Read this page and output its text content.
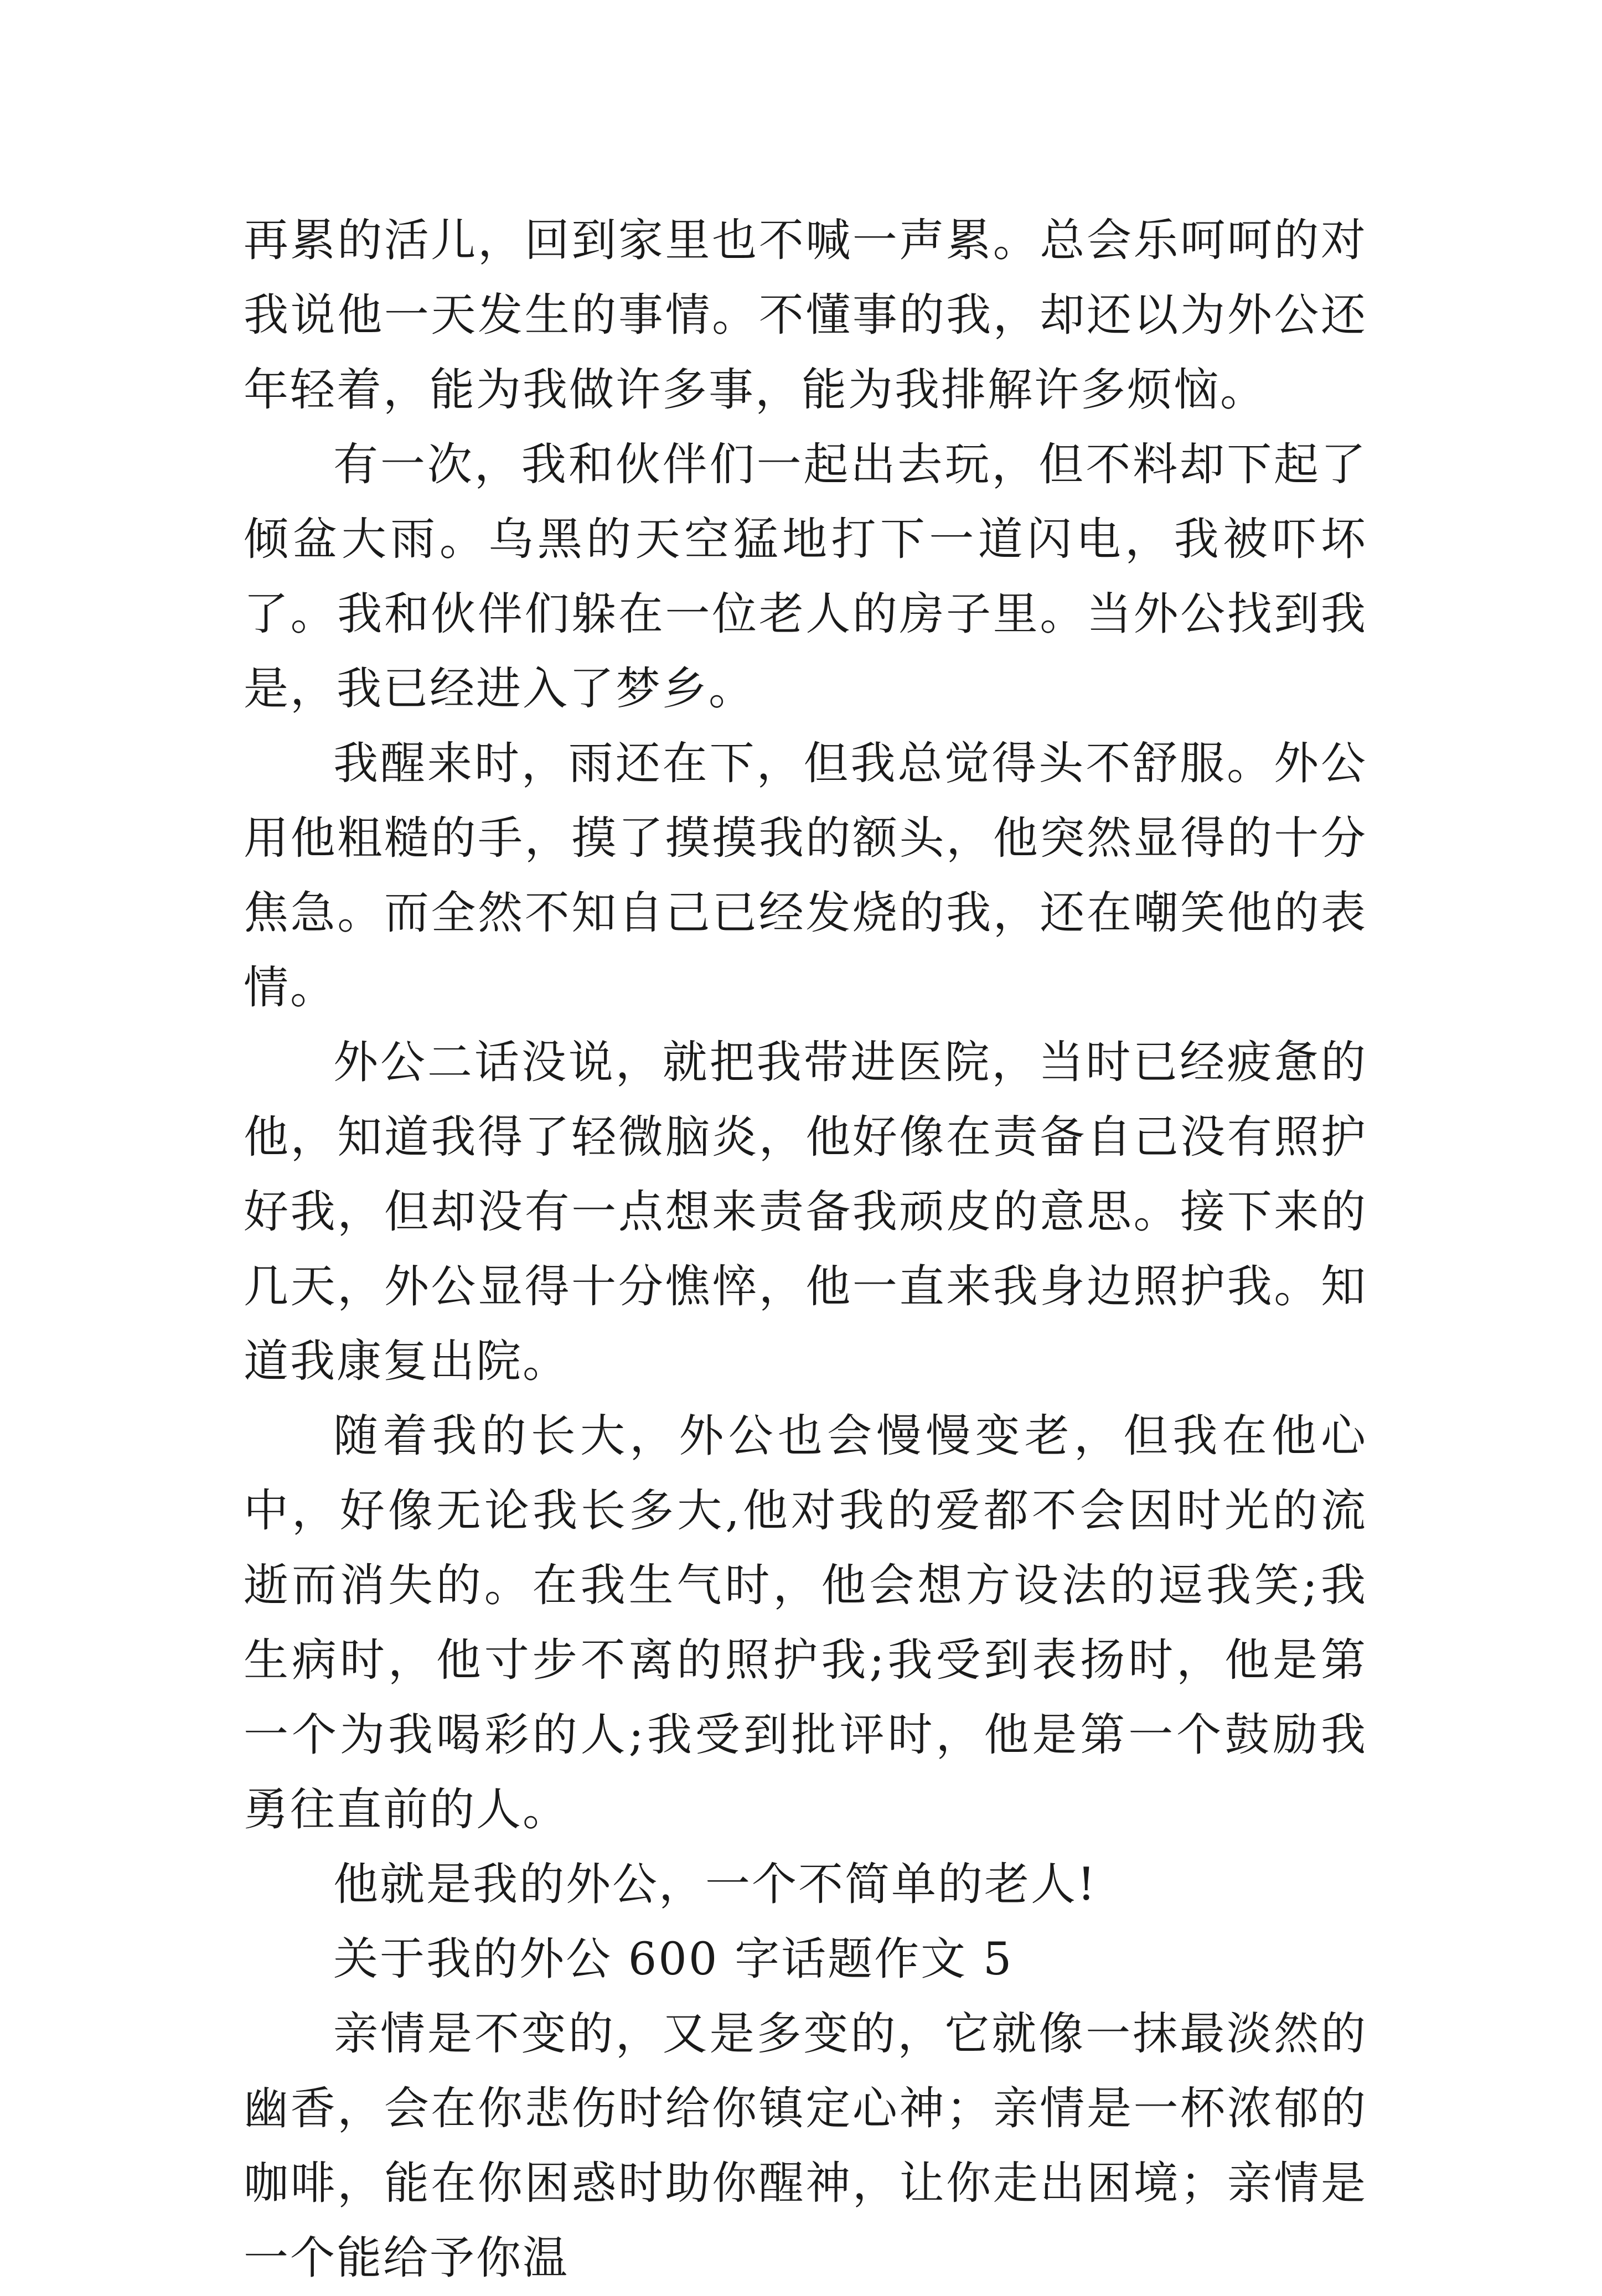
再累的活儿，回到家里也不喊一声累。总会乐呵呵的对我说他一天发生的事情。不懂事的我，却还以为外公还年轻着，能为我做许多事，能为我排解许多烦恼。

有一次，我和伙伴们一起出去玩，但不料却下起了倾盆大雨。乌黑的天空猛地打下一道闪电，我被吓坏了。我和伙伴们躲在一位老人的房子里。当外公找到我是，我已经进入了梦乡。

我醒来时，雨还在下，但我总觉得头不舒服。外公用他粗糙的手，摸了摸摸我的额头，他突然显得的十分焦急。而全然不知自己已经发烧的我，还在嘲笑他的表情。

外公二话没说，就把我带进医院，当时已经疲惫的他，知道我得了轻微脑炎，他好像在责备自己没有照护好我，但却没有一点想来责备我顽皮的意思。接下来的几天，外公显得十分憔悴，他一直来我身边照护我。知道我康复出院。

随着我的长大，外公也会慢慢变老，但我在他心中，好像无论我长多大,他对我的爱都不会因时光的流逝而消失的。在我生气时，他会想方设法的逗我笑;我生病时，他寸步不离的照护我;我受到表扬时，他是第一个为我喝彩的人;我受到批评时，他是第一个鼓励我勇往直前的人。

他就是我的外公，一个不简单的老人!

关于我的外公 600 字话题作文 5

亲情是不变的，又是多变的，它就像一抹最淡然的幽香，会在你悲伤时给你镇定心神；亲情是一杯浓郁的咖啡，能在你困惑时助你醒神，让你走出困境；亲情是一个能给予你温
